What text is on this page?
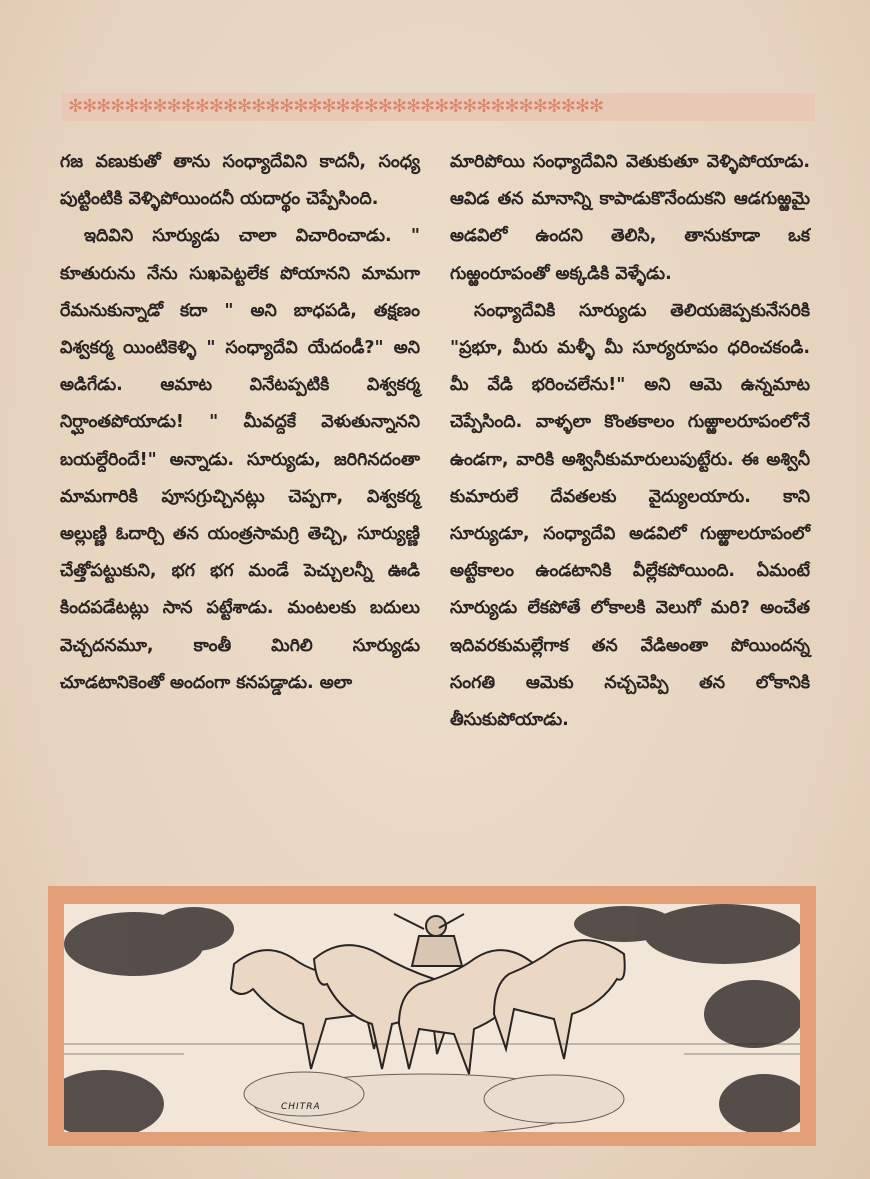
✻✻✻✻✻✻✻✻✻✻✻✻✻✻✻✻✻✻✻✻✻✻✻✻✻✻✻✻✻✻✻✻✻✻✻✻✻✻

గజ వణుకుతో తాను సంధ్యాదేవిని కాదనీ, సంధ్య పుట్టింటికి వెళ్ళిపోయిందనీ యదార్థం చెప్పేసింది.

ఇదివిని సూర్యుడు చాలా విచారించాడు. " కూతురును నేను సుఖపెట్టలేక పోయానని మామగా రేమనుకున్నాడో కదా " అని బాధపడి, తక్షణం విశ్వకర్మ యింటికెళ్ళి " సంధ్యాదేవి యేదండీ?" అని అడిగేడు. ఆమాట వినేటప్పటికి విశ్వకర్మ నిర్ఘాంతపోయాడు! " మీవద్దకే వెళుతున్నానని బయల్దేరిందే!" అన్నాడు. సూర్యుడు, జరిగినదంతా మామగారికి పూసగ్రుచ్చినట్లు చెప్పగా, విశ్వకర్మ అల్లుణ్ణి ఓదార్చి తన యంత్రసామగ్రి తెచ్చి, సూర్యుణ్ణి చేత్తోపట్టుకుని, భగ భగ మండే పెచ్చులన్నీ ఊడి కిందపడేటట్లు సాన పట్టేశాడు. మంటలకు బదులు వెచ్చదనమూ, కాంతీ మిగిలి సూర్యుడు చూడటానికెంతో అందంగా కనపడ్డాడు. అలా

మారిపోయి సంధ్యాదేవిని వెతుకుతూ వెళ్ళిపోయాడు. ఆవిడ తన మానాన్ని కాపాడుకొనేందుకని ఆడగుఱ్ఱమై అడవిలో ఉందని తెలిసి, తానుకూడా ఒక గుఱ్ఱంరూపంతో అక్కడికి వెళ్ళేడు.

సంధ్యాదేవికి సూర్యుడు తెలియజెప్పకునేసరికి "ప్రభూ, మీరు మళ్ళీ మీ సూర్యరూపం ధరించకండి. మీ వేడి భరించలేను!" అని ఆమె ఉన్నమాట చెప్పేసింది. వాళ్ళలా కొంతకాలం గుఱ్ఱాలరూపంలోనే ఉండగా, వారికి అశ్వినీకుమారులుపుట్టేరు. ఈ అశ్వినీ కుమారులే దేవతలకు వైద్యులయారు. కాని సూర్యుడూ, సంధ్యాదేవి అడవిలో గుఱ్ఱాలరూపంలో అట్టేకాలం ఉండటానికి వీల్లేకపోయింది. ఏమంటే సూర్యుడు లేకపోతే లోకాలకి వెలుగో మరి? అంచేత ఇదివరకుమల్లేగాక తన వేడిఅంతా పోయిందన్న సంగతి ఆమెకు నచ్చచెప్పి తన లోకానికి తీసుకుపోయాడు.

CHITRA
